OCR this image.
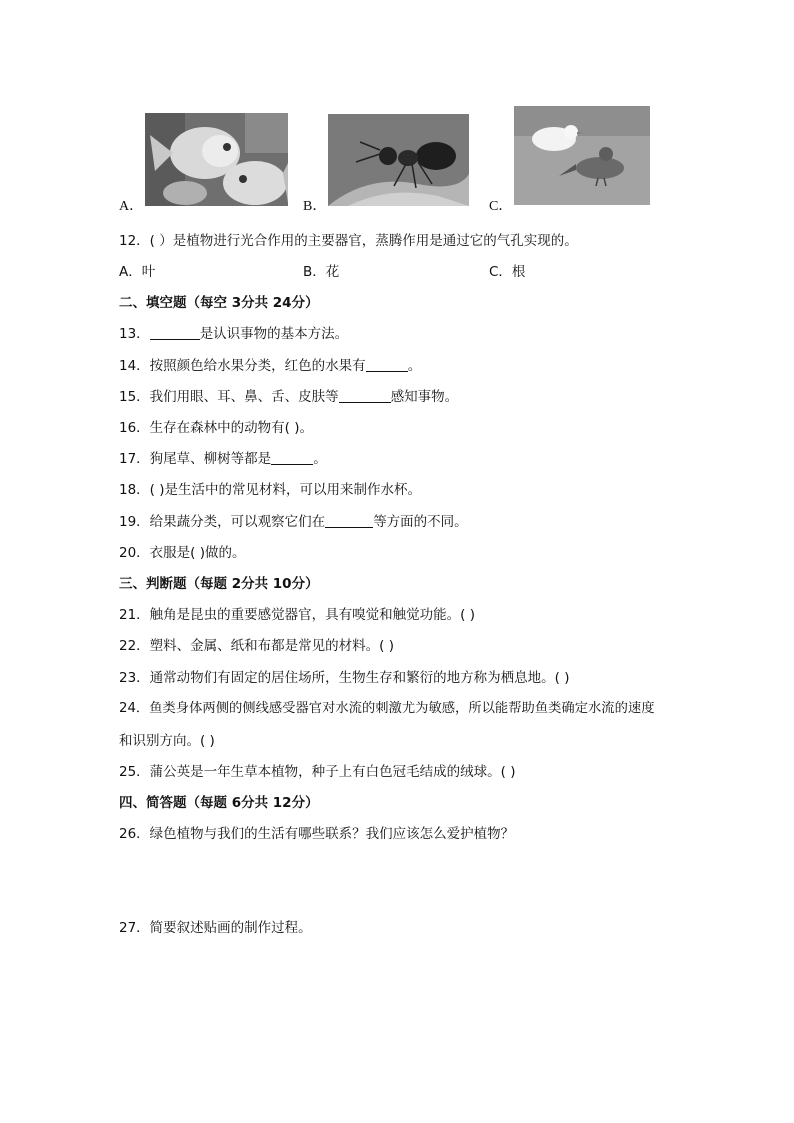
A．	B．	C．
12．( ）是植物进行光合作用的主要器官，蒸腾作用是通过它的气孔实现的。
A．叶	B．花	C．根
二、填空题（每空 3分共 24分）
13．	是认识事物的基本方法。
14．按照颜色给水果分类，红色的水果有	。
15．我们用眼、耳、鼻、舌、皮肤等	感知事物。
16．生存在森林中的动物有( )。
17．狗尾草、柳树等都是	。
18．( )是生活中的常见材料，可以用来制作水杯。
19．给果蔬分类，可以观察它们在	等方面的不同。
20．衣服是( )做的。
三、判断题（每题 2分共 10分）
21．触角是昆虫的重要感觉器官，具有嗅觉和触觉功能。( )
22．塑料、金属、纸和布都是常见的材料。( )
23．通常动物们有固定的居住场所，生物生存和繁衍的地方称为栖息地。( )
24．鱼类身体两侧的侧线感受器官对水流的刺激尤为敏感，所以能帮助鱼类确定水流的速度
和识别方向。( )
25．蒲公英是一年生草本植物，种子上有白色冠毛结成的绒球。( )
四、简答题（每题 6分共 12分）
26．绿色植物与我们的生活有哪些联系？我们应该怎么爱护植物？
27．简要叙述贴画的制作过程。
